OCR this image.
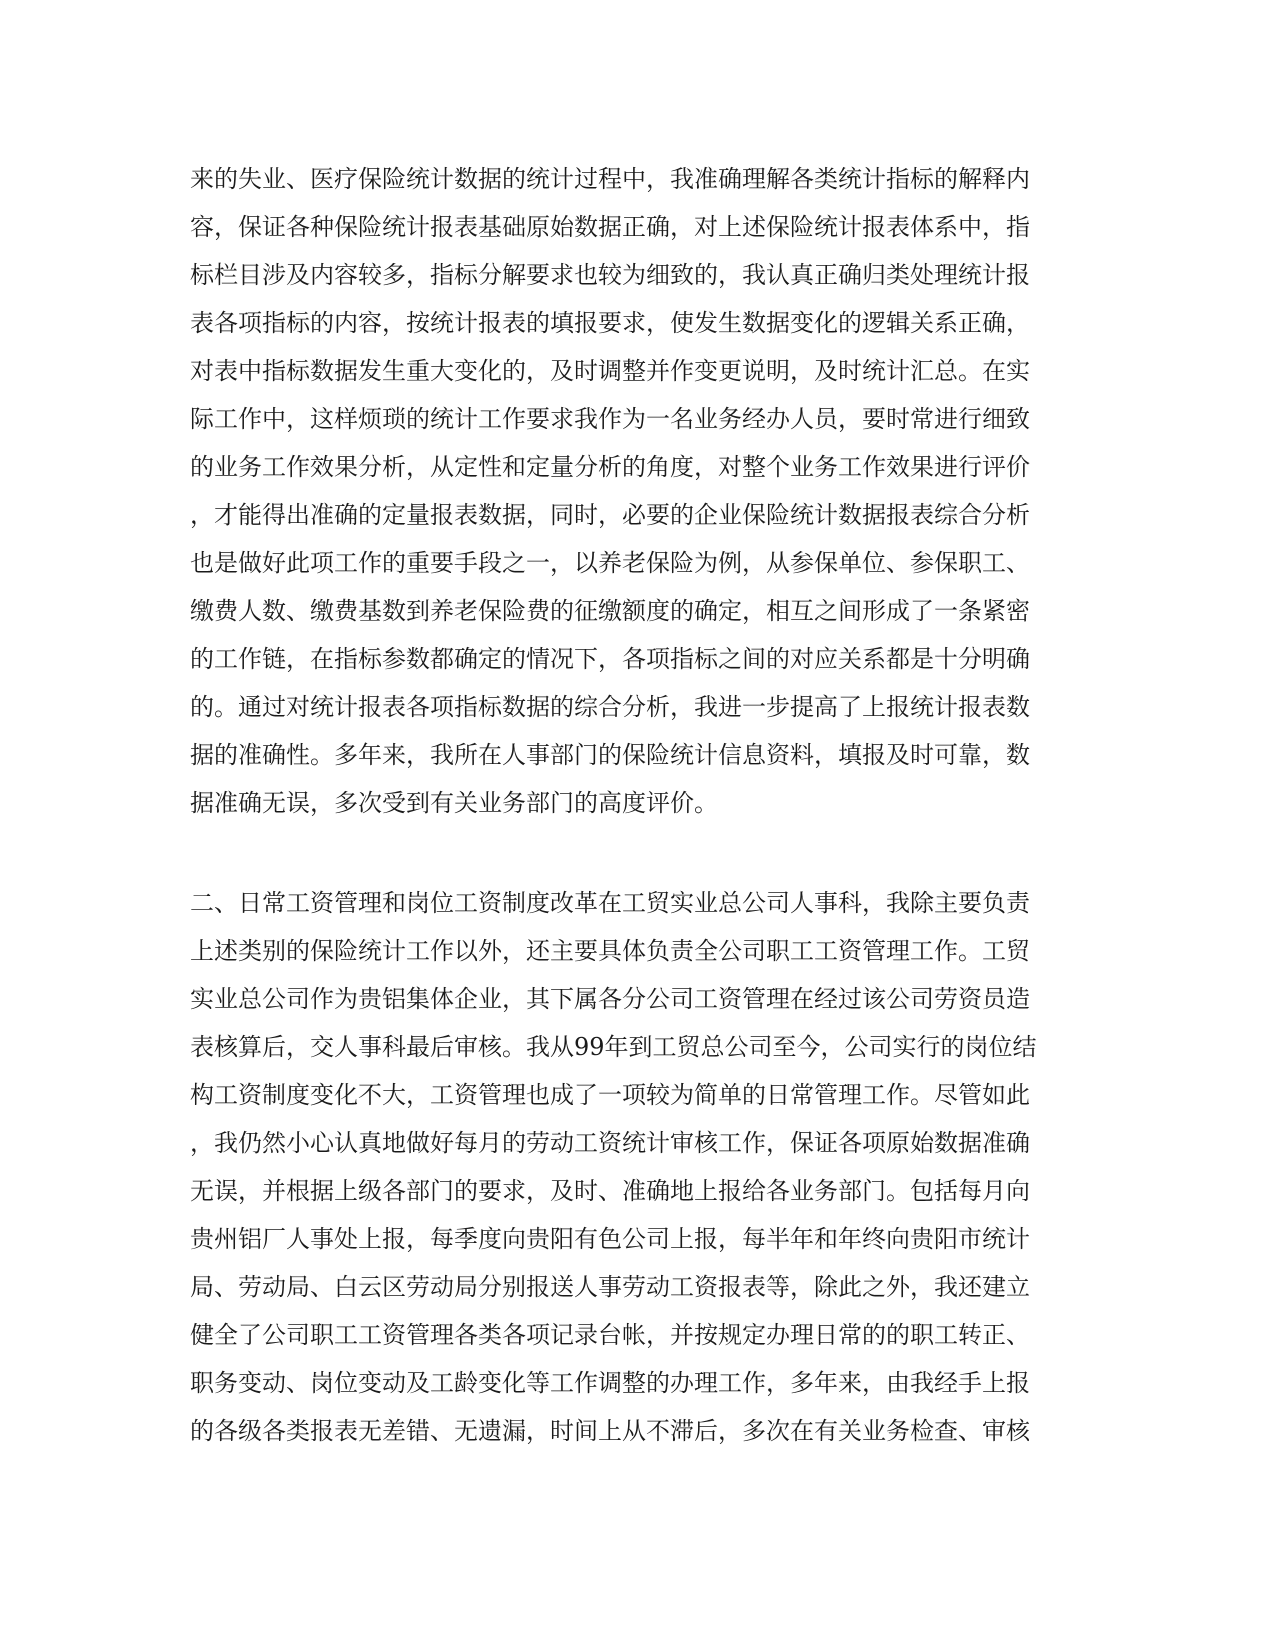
来的失业、医疗保险统计数据的统计过程中，我准确理解各类统计指标的解释内
容，保证各种保险统计报表基础原始数据正确，对上述保险统计报表体系中，指
标栏目涉及内容较多，指标分解要求也较为细致的，我认真正确归类处理统计报
表各项指标的内容，按统计报表的填报要求，使发生数据变化的逻辑关系正确，
对表中指标数据发生重大变化的，及时调整并作变更说明，及时统计汇总。在实
际工作中，这样烦琐的统计工作要求我作为一名业务经办人员，要时常进行细致
的业务工作效果分析，从定性和定量分析的角度，对整个业务工作效果进行评价
，才能得出准确的定量报表数据，同时，必要的企业保险统计数据报表综合分析
也是做好此项工作的重要手段之一，以养老保险为例，从参保单位、参保职工、
缴费人数、缴费基数到养老保险费的征缴额度的确定，相互之间形成了一条紧密
的工作链，在指标参数都确定的情况下，各项指标之间的对应关系都是十分明确
的。通过对统计报表各项指标数据的综合分析，我进一步提高了上报统计报表数
据的准确性。多年来，我所在人事部门的保险统计信息资料，填报及时可靠，数
据准确无误，多次受到有关业务部门的高度评价。
二、日常工资管理和岗位工资制度改革在工贸实业总公司人事科，我除主要负责
上述类别的保险统计工作以外，还主要具体负责全公司职工工资管理工作。工贸
实业总公司作为贵铝集体企业，其下属各分公司工资管理在经过该公司劳资员造
表核算后，交人事科最后审核。我从99年到工贸总公司至今，公司实行的岗位结
构工资制度变化不大，工资管理也成了一项较为简单的日常管理工作。尽管如此
，我仍然小心认真地做好每月的劳动工资统计审核工作，保证各项原始数据准确
无误，并根据上级各部门的要求，及时、准确地上报给各业务部门。包括每月向
贵州铝厂人事处上报，每季度向贵阳有色公司上报，每半年和年终向贵阳市统计
局、劳动局、白云区劳动局分别报送人事劳动工资报表等，除此之外，我还建立
健全了公司职工工资管理各类各项记录台帐，并按规定办理日常的的职工转正、
职务变动、岗位变动及工龄变化等工作调整的办理工作，多年来，由我经手上报
的各级各类报表无差错、无遗漏，时间上从不滞后，多次在有关业务检查、审核
